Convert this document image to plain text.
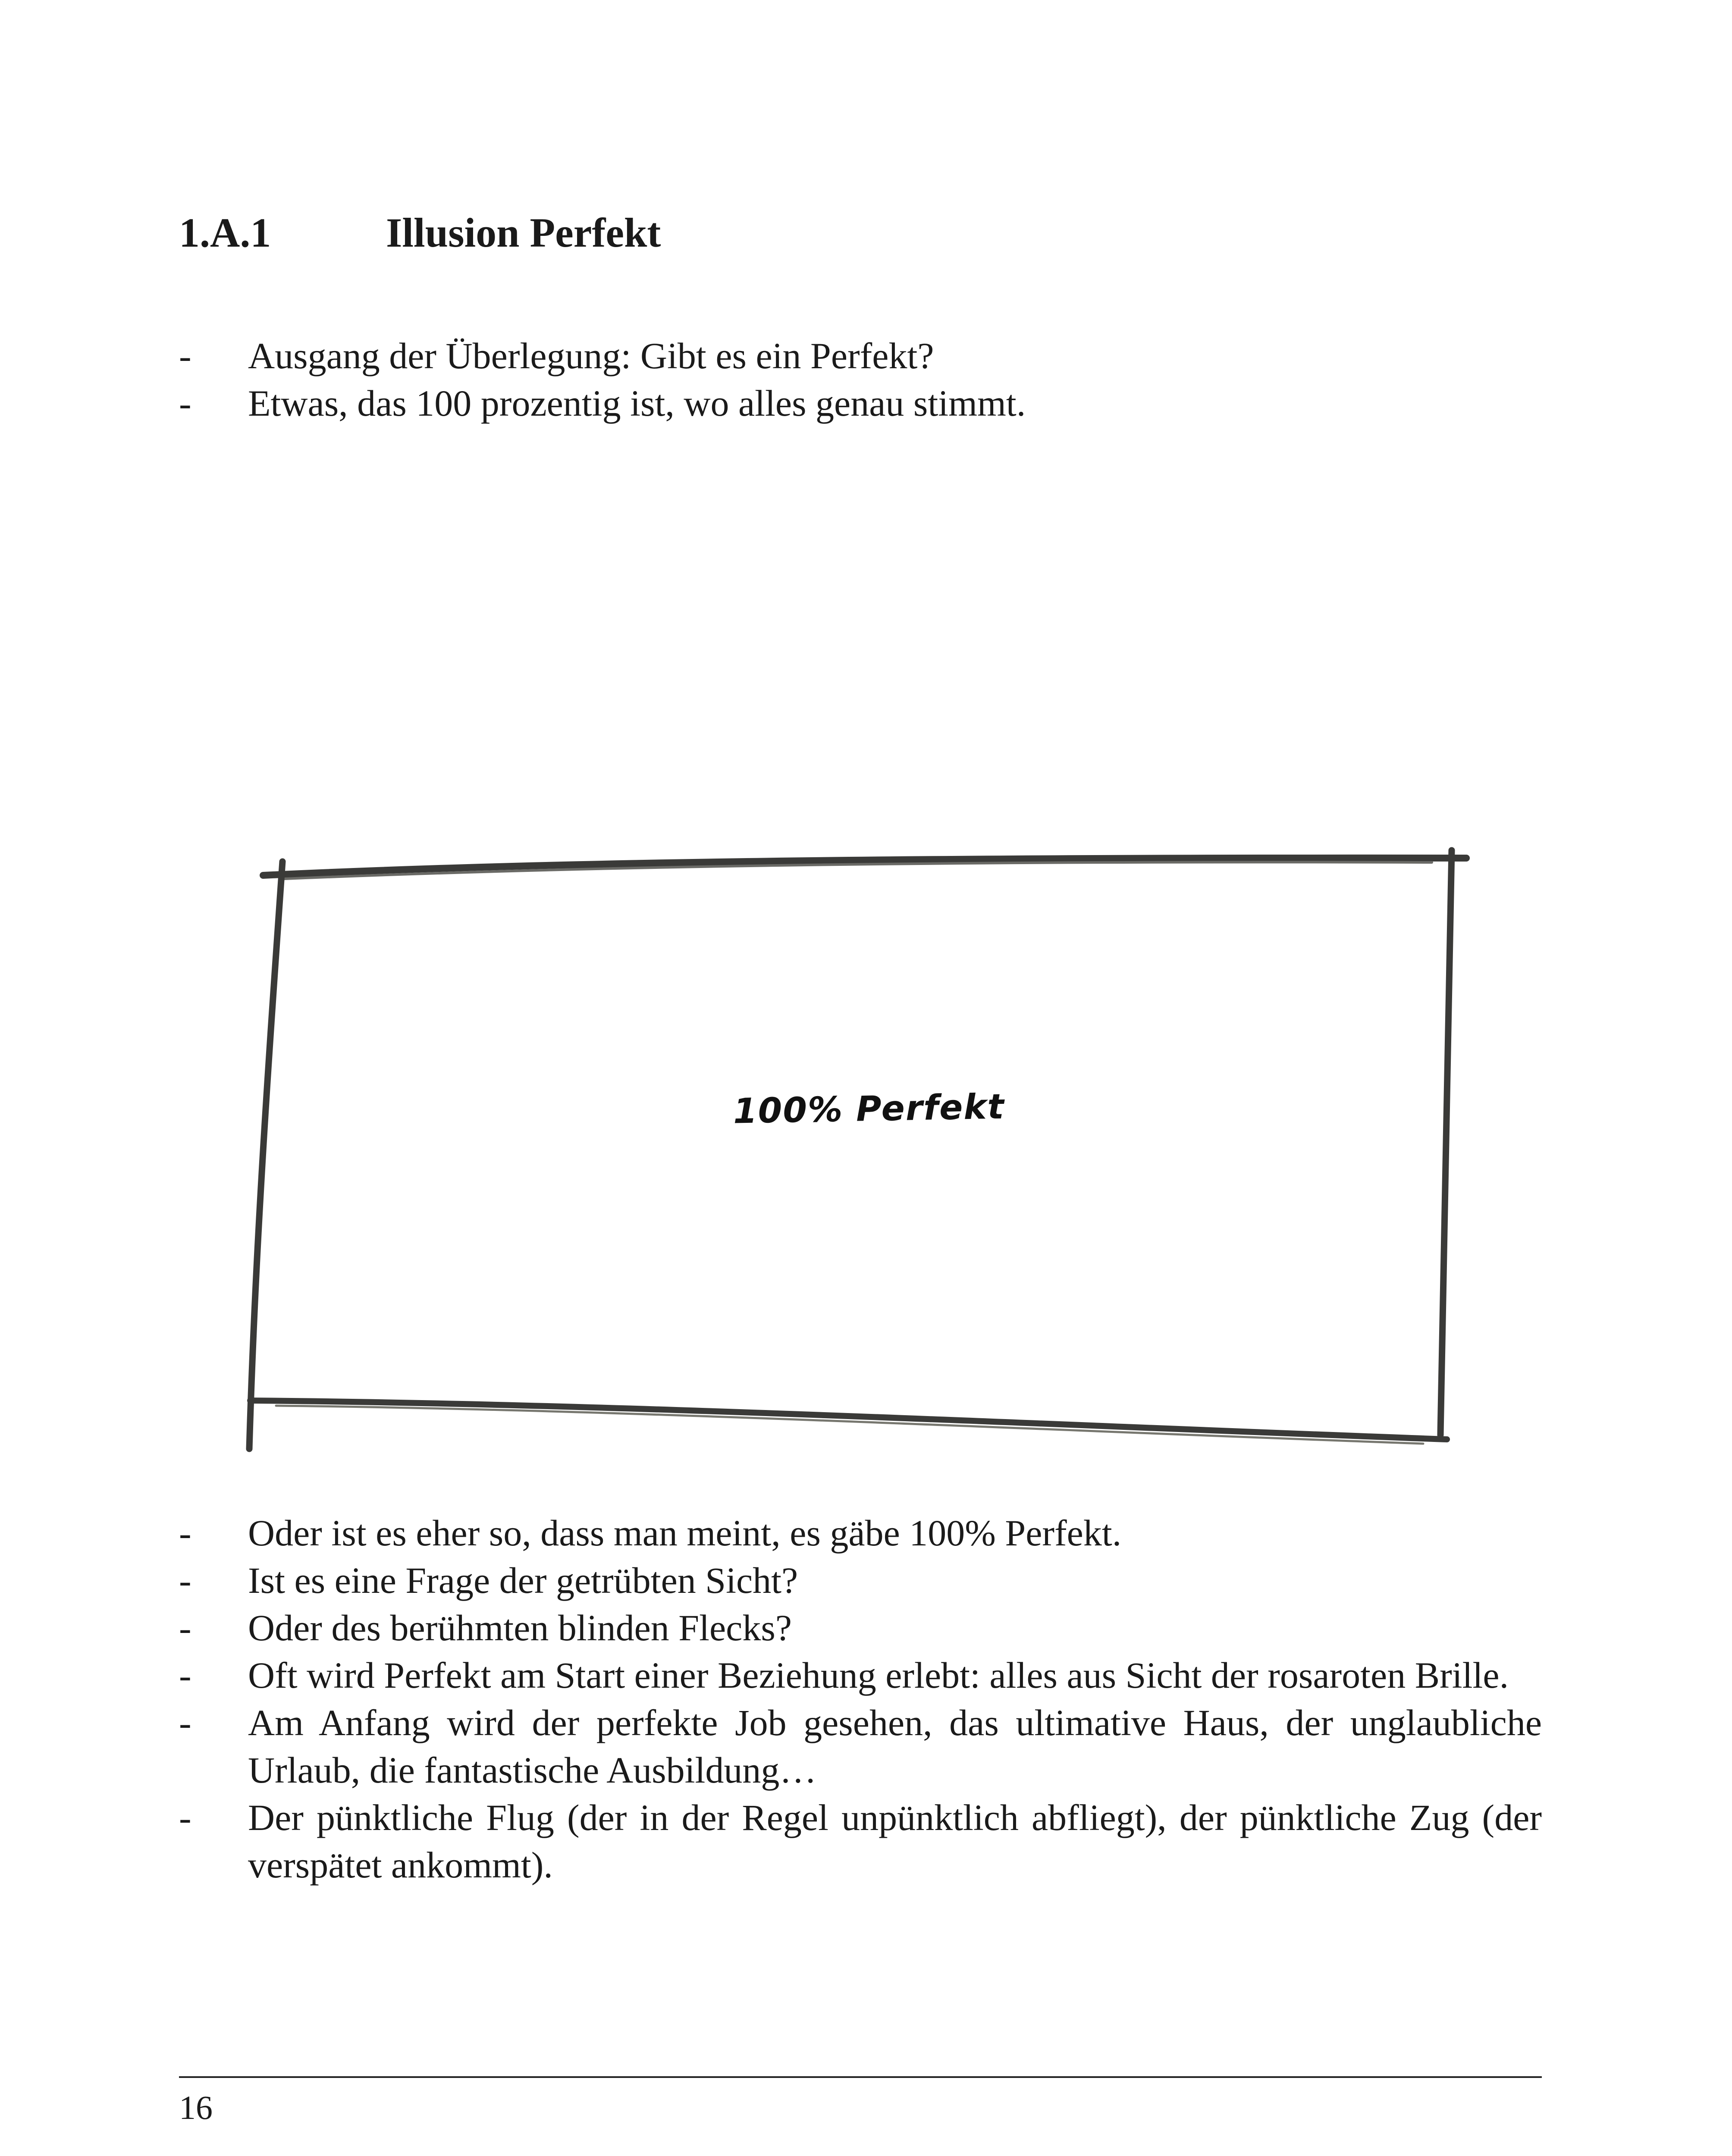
1.A.1	Illusion Perfekt
- Ausgang der Überlegung: Gibt es ein Perfekt?
- Etwas, das 100 prozentig ist, wo alles genau stimmt.
100% Perfekt
- Oder ist es eher so, dass man meint, es gäbe 100% Perfekt.
- Ist es eine Frage der getrübten Sicht?
- Oder des berühmten blinden Flecks?
- Oft wird Perfekt am Start einer Beziehung erlebt: alles aus Sicht der rosaroten Brille.
- Am Anfang wird der perfekte Job gesehen, das ultimative Haus, der unglaubliche Urlaub, die fantastische Ausbildung…
- Der pünktliche Flug (der in der Regel unpünktlich abfliegt), der pünktliche Zug (der verspätet ankommt).
16
